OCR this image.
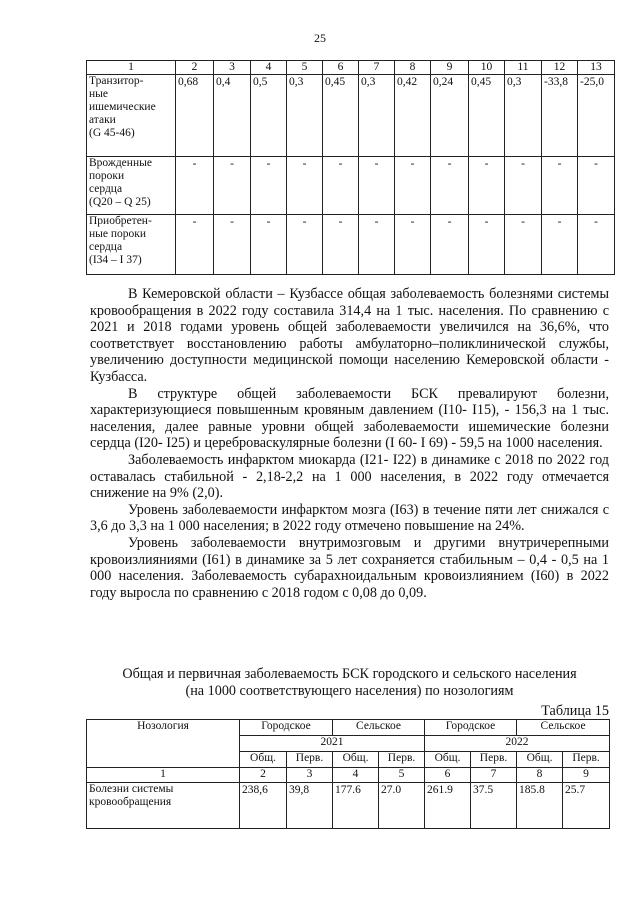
25
1	2	3	4	5	6	7	8	9	10	11	12	13

Транзитор-
ные
ишемические
атаки
(G 45-46)	0,68	0,4	0,5	0,3	0,45	0,3	0,42	0,24	0,45	0,3	-33,8	-25,0

Врожденные
пороки
сердца
(Q20 – Q 25)	-	-	-	-	-	-	-	-	-	-	-	-

Приобретен-
ные пороки
сердца
(I34 – I 37)	-	-	-	-	-	-	-	-	-	-	-	-

В Кемеровской области – Кузбассе общая заболеваемость болезнями системы кровообращения в 2022 году составила 314,4 на 1 тыс. населения. По сравнению с 2021 и 2018 годами уровень общей заболеваемости увеличился на 36,6%, что соответствует восстановлению работы амбулаторно–поликлинической службы, увеличению доступности медицинской помощи населению Кемеровской области - Кузбасса.

В структуре общей заболеваемости БСК превалируют болезни, характеризующиеся повышенным кровяным давлением (I10- I15), - 156,3 на 1 тыс. населения, далее равные уровни общей заболеваемости ишемические болезни сердца (I20- I25) и цереброваскулярные болезни (I 60- I 69) - 59,5 на 1000 населения.

Заболеваемость инфарктом миокарда (I21- I22) в динамике с 2018 по 2022 год оставалась стабильной - 2,18-2,2 на 1 000 населения, в 2022 году отмечается снижение на 9% (2,0).

Уровень заболеваемости инфарктом мозга (I63) в течение пяти лет снижался с 3,6 до 3,3 на 1 000 населения; в 2022 году отмечено повышение на 24%.

Уровень заболеваемости внутримозговым и другими внутричерепными кровоизлияниями (I61) в динамике за 5 лет сохраняется стабильным – 0,4 - 0,5 на 1 000 населения. Заболеваемость субарахноидальным кровоизлиянием (I60) в 2022 году выросла по сравнению с 2018 годом с 0,08 до 0,09.

Общая и первичная заболеваемость БСК городского и сельского населения
(на 1000 соответствующего населения) по нозологиям
Таблица 15
Нозология	Городское		Сельское		Городское		Сельское	
	2021				2022			
	Общ.	Перв.	Общ.	Перв.	Общ.	Перв.	Общ.	Перв.
1	2	3	4	5	6	7	8	9

Болезни системы
кровообращения	238,6	39,8	177.6	27.0	261.9	37.5	185.8	25.7
